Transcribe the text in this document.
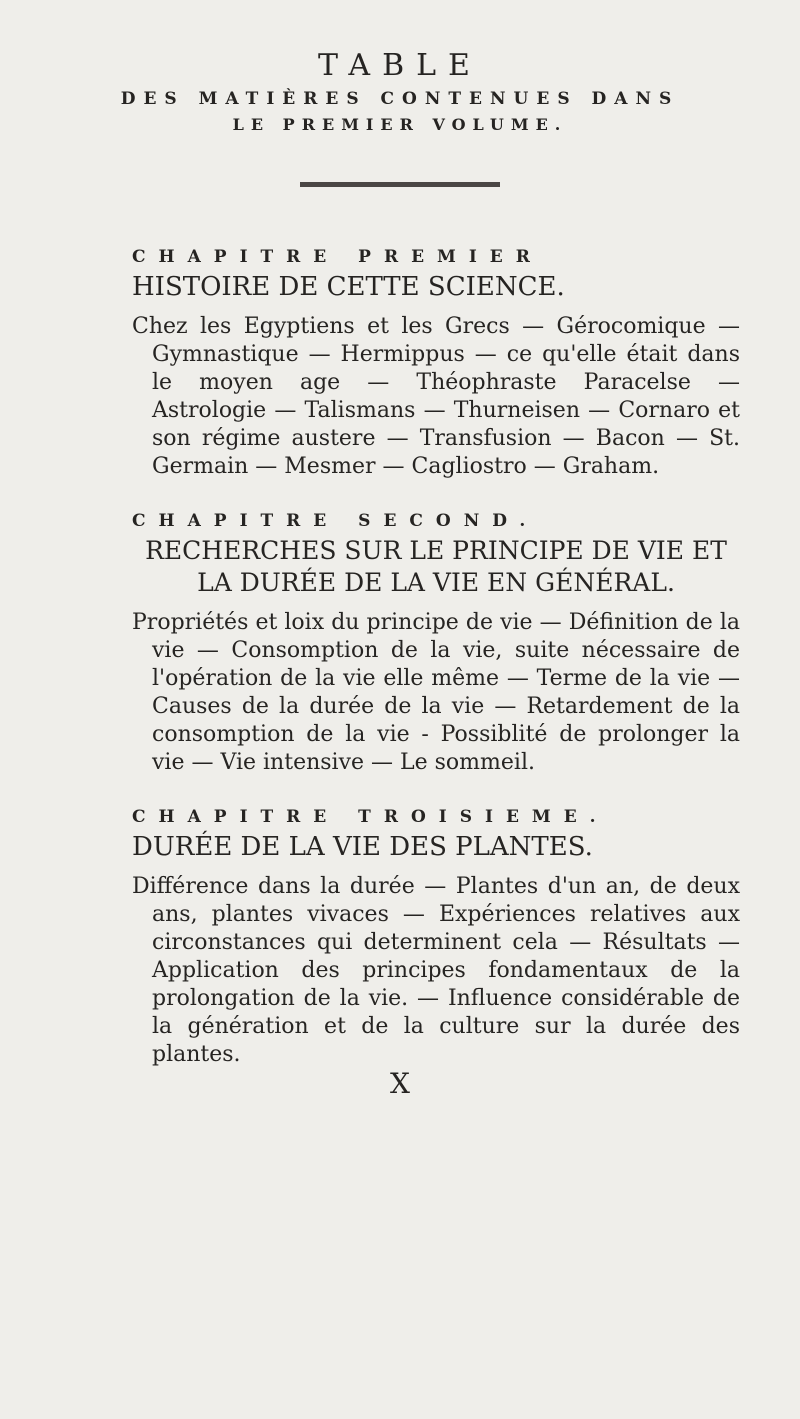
TABLE
DES MATIÈRES CONTENUES DANS
LE PREMIER VOLUME.
CHAPITRE PREMIER
HISTOIRE DE CETTE SCIENCE.
Chez les Egyptiens et les Grecs — Gérocomique — Gymnastique — Hermippus — ce qu'elle était dans le moyen age — Théophraste Paracelse — Astrologie — Talismans — Thurneisen — Cornaro et son régime austere — Transfusion — Bacon — St. Germain — Mesmer — Cagliostro — Graham.
CHAPITRE SECOND.
RECHERCHES SUR LE PRINCIPE DE VIE ET LA DURÉE DE LA VIE EN GÉNÉRAL.
Propriétés et loix du principe de vie — Définition de la vie — Consomption de la vie, suite nécessaire de l'opération de la vie elle même — Terme de la vie — Causes de la durée de la vie — Retardement de la consomption de la vie - Possiblité de prolonger la vie — Vie intensive — Le sommeil.
CHAPITRE TROISIEME.
DURÉE DE LA VIE DES PLANTES.
Différence dans la durée — Plantes d'un an, de deux ans, plantes vivaces — Expériences relatives aux circonstances qui determinent cela — Résultats — Application des principes fondamentaux de la prolongation de la vie. — Influence considérable de la génération et de la culture sur la durée des plantes.
X
